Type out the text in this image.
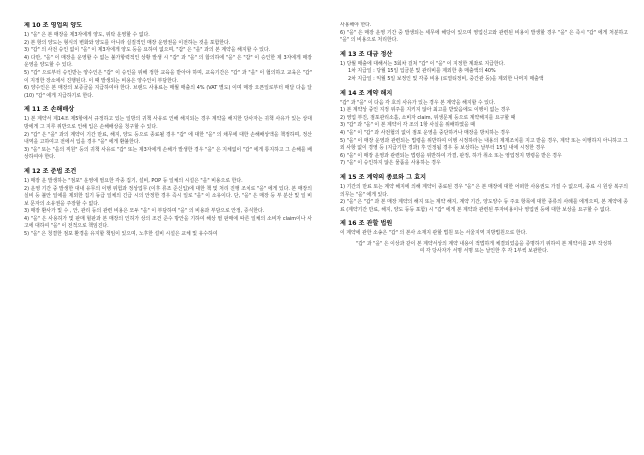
제 10 조 영업의 양도

1) "을" 은 본 매장을 제3자에게 양도, 위탁 운영할 수 없다.

2) 본 항의 양도는 형식의 변화와 양도를 아니라 실질적인 매장 운영권을 이전하는 것을 포함한다.

3) "갑" 의 사전 승인 없이 "을" 이 제3자에게 양도 등을 요하여 없으며, "갑" 은 "을" 과의 본 계약을 해지할 수 있다.

4) 다만, "을" 이 매장을 운영할 수 없는 불가항력적인 상황 발생 시 "갑" 과 "을" 의 합의하에 "을" 은 "갑" 이 승인한 제 3자에게 매장 운영을 양도할 수 있다.

5) "갑" 으로부터 승인받는 양수인은 "갑" 이 승인을 위해 정한 교육을 받아야 하며, 교육기간은 "갑" 과 "을" 이 협의하고 교육은 "갑" 이 지정한 장소에서 진행된다. 이 때 발생되는 비용은 양수인이 부담한다.

6) 양수인은 본 매장의 보증금을 지급하여야 한다. 브랜드 사용료는 매월 매출의 4% (VAT 별도) 이며 매장 오픈일로부터 매달 다음 달(10) "갑" 에게 지급하기로 한다.

제 11 조 손해배상

1) 본 계약서 제14조 제5항에서 규정하고 있는 일방의 귀책 사유로 인해 해지되는 경우 계약을 해지한 당사자는 귀책 사유가 있는 상대방에게 그 지루 위반으로 인해 입은 손해배상을 청구할 수 있다.

2) "갑" 은 "을" 과의 계약이 기간 만료, 해지, 양도 등으로 종료될 경우 "갑" 에 대한 "을" 의 채무에 대한 손해배상액을 책정하며, 정산 내역을 고하여고 전에서 입을 경우 "을" 에게 환불한다.

3) "을" 또는 "을의 직원" 등의 귀책 사유로 "갑" 또는 제3자에게 손해가 발생한 경우 "을" 은 지체없이 "갑" 에게 통지하고 그 손해를 배상하여야 한다.

제 12 조 준법 조건

1) 매장 운 발생하는 "점포" 운영에 필요한 각종 집기, 설비, POP 등 일체의 시설은 "을" 비용으로 한다.

2) 운영 기간 중 발생한 대내 유무의 이행 위험과 정상업무 (이후 류조 준신입)에 대한 책 및 처리 진행 조치로 "을" 에게 있다. 본 매장의 실비 등 불안 일에를 제외한 집기 동급 일체의 긴급 시의 안정한 경우 즉시 일로 "을" 이 소유이다. 단, "을" 은 매장 등 부 분산 및 일 비보 문자의 소유권을 주장할 수 없다.

3) 매장 환사가 및 수 , 안, 관리 등의 관련 비용은 모두 "을" 이 부담하며 "을" 의 비용과 부담으로 안정, 증식한다.

4) "을" 은 사용허가 및 판매 헐판과 본 매장의 인허가 상의 조건 준수 방안을 기하여 해상 필 판매에 따른 일체의 소비자 claim이나 사고에 대하여 "을" 이 전적으로 책임진다.

5) "을" 은 청결한 점포 환경을 유지할 책임이 있으며, 노후한 설비 시설은 교체 및 유수하여

사용해야 한다.

6) "을" 은 매장 운영 기간 중 발생되는 세무에 해당이 있으며 영업신고와 관련된 비용이 발생할 경우 "을" 은 즉시 "갑" 에게 처분하고 "을" 의 비용으로 처리한다.

제 13 조 대금 정산

1) 당월 매출에 대해서는 3회차 걸쳐 "갑" 이 "을" 이 지정한 계좌로 지급한다.

1차 지급일 : 당월 15일 입금분 및 관리비를 제외한 총 매출액의 40%

2차 지급일 : 익월 5일 보정인 및 각종 비용 (로열티정비, 중간관 등)을 제외한 나머지 매출액

제 14 조 계약 해지

"갑" 과 "을" 이 다음 각 호의 사유가 있는 경우 본 계약을 해지할 수 있다.

1) 본 계약상 중인 지정 위주를 지키지 않아 최고를 받았음에도 이행이 없는 경우

2) 영업 부진, 점포관리소홀, 소비자 claim, 위생문제 등으로 계약해지를 요구할 때

3) "갑" 과 "을" 이 본 계약서 각 조의 1항 사실을 위배하였을 때

4) "을" 이 "갑" 과 사전협의 없이 점포 운영을 중단하거나 매장을 방치하는 경우

5) "을" 이 매장 운영과 관련되는 법령을 위반하여 이행 시정하라는 내용의 제재조치를 지고 받을 경우, 계약 또는 이행하지 아니하고 그 외 사항 없이 경영 등 (지급기한 경과) 후 인정됨 경우 등 보상하는 날부터 15일 내에 시정한 경우

6) "을" 이 매장 운영과 관련되는 법령을 위반하여 가결, 판정, 하가 취소 또는 영업정지 명령을 받은 경우

7) "을" 이 승인하지 않은 물품을 사용하는 경우

제 15 조 계약의 종료와 그 효지

1) 기간의 만료 또는 계약 해지에 의해 계약이 종료된 경우 "을" 은 본 매장에 대한 어떠한 사용권도 가질 수 없으며, 종료 시 원상 복구의 의무는 "을" 에게 있다.

2) "을" 은 "갑" 과 본 매장 계약의 해지 또는 계약 해지, 계약 기간, 양도양수 등 주요 항목에 대한 종류의 사례를 에게으며, 본 계약에 종료 (계약기간 만료, 해지, 양도 등등 포함) 시 "갑" 에게 본 계약과 관련된 투자비용이나 영업권 등에 대한 보상을 요구할 수 없다.

제 16 조 관할 법원

이 계약에 관한 소송은 "갑" 의 본사 소재지 관할 법원 또는 서울지역 지방법원으로 한다.

"갑" 과 "을" 은 이상과 같이 본 계약서상의 계약 내용이 적법하게 체결되었음을 증명하기 위하여 본 계약서를 2부 작성하여 각 당사자가 서명 서명 또는 날인한 후 각 1부씩 보관한다.
